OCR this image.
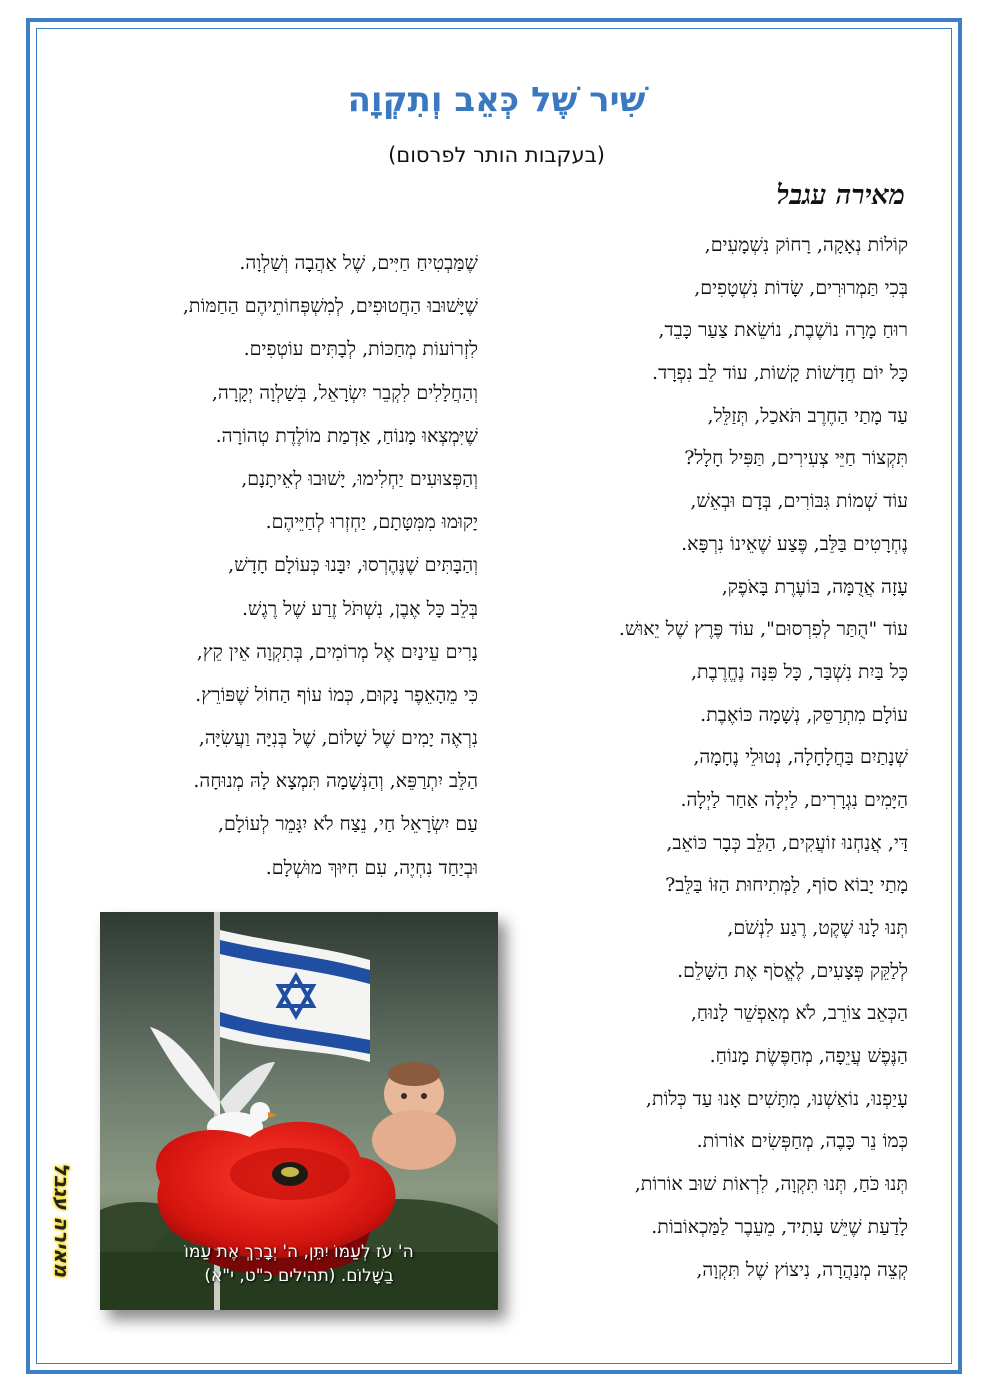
שִׁיר שֶׁל כְּאֵב וְתִקְוָה
(בעקבות הותר לפרסום)
מאירה עגבל
קוֹלוֹת נְאָקָה, רָחוֹק נִשְׁמָעִים,
בְּכִי תַּמְרוּרִים, שָׂדוֹת נִשְׁטָפִים,
רוּחַ מָרָה נוֹשֶׁבֶת, נוֹשֵׂאת צַעַר כָּבֵד,
כָּל יוֹם חֲדָשׁוֹת קָשׁוֹת, עוֹד לֵב נִפְרָד.
עַד מָתַי הַחֶרֶב תֹּאכַל, תְּזַלֵּל,
תִּקְצוֹר חַיֵּי צְעִירִים, תַּפִּיל חָלָל?
עוֹד שְׁמוֹת גִּבּוֹרִים, בְּדָם וּבְאֵשׁ,
נֶחְרָטִים בַּלֵּב, פֶּצַע שֶׁאֵינוֹ נִרְפָּא.
עָזָה אֲדֻמָּה, בּוֹעֶרֶת בָּאֹפֶק,
עוֹד "הֻתַּר לְפִרְסוּם", עוֹד פֶּרֶץ שֶׁל יֵאוּשׁ.
כָּל בַּיִת נִשְׁבַּר, כָּל פִּנָּה נֶחֱרֶבֶת,
עוֹלָם מִתְרַסֵּק, נְשָׁמָה כּוֹאֶבֶת.
שְׁנָתַיִם בַּחֲלָחָלָה, נְטוּלֵי נֶחָמָה,
הַיָּמִים נִגְרָרִים, לַיְלָה אַחַר לַיְלָה.
דַּי, אֲנַחְנוּ זוֹעֲקִים, הַלֵּב כְּבָר כּוֹאֵב,
מָתַי יָבוֹא סוֹף, לַמְּתִיחוּת הַזּוֹ בַּלֵּב?
תְּנוּ לָנוּ שֶׁקֶט, רֶגַע לִנְשֹׁם,
לְלַקֵּק פְּצָעִים, לֶאֱסֹף אֶת הַשָּׁלֵם.
הַכְּאֵב צוֹרֵב, לֹא מְאַפְשֵׁר לָנוּחַ,
הַנֶּפֶשׁ עֲיֵפָה, מְחַפֶּשֶׂת מָנוֹחַ.
עָיַפְנוּ, נוֹאַשְׁנוּ, מִתָּשִׁים אָנוּ עַד כְּלוֹת,
כְּמוֹ נֵר כָּבֶה, מְחַפְּשִׂים אוֹרוֹת.
תְּנוּ כֹּחַ, תְּנוּ תִּקְוָה, לִרְאוֹת שׁוּב אוֹרוֹת,
לָדַעַת שֶׁיֵּשׁ עָתִיד, מֵעֵבֶר לַמַּכְאוֹבוֹת.
קְצֵה מְנַהֲרָה, נִיצוֹץ שֶׁל תִּקְוָה,
שֶׁמַּבְטִיחַ חַיִּים, שֶׁל אַהֲבָה וְשַׁלְוָה.
שֶׁיָּשׁוּבוּ הַחֲטוּפִים, לְמִשְׁפְּחוֹתֵיהֶם הַחַמּוֹת,
לִזְרוֹעוֹת מְחַכּוֹת, לְבָתִּים עוֹטְפִים.
וְהַחֲלָלִים לִקְבֵר יִשְׂרָאֵל, בִּשַׁלְוָה יְקָרָה,
שֶׁיִּמְצְאוּ מָנוֹחַ, אַדְמַת מוֹלֶדֶת טְהוֹרָה.
וְהַפְּצוּעִים יַחְלִימוּ, יָשׁוּבוּ לְאֵיתָנָם,
יָקוּמוּ מִמִּטָּתָם, יַחְזְרוּ לְחַיֵּיהֶם.
וְהַבָּתִּים שֶׁנֶּהֶרְסוּ, יִבָּנוּ כְּעוֹלָם חָדָשׁ,
בְּלֵב כָּל אֶבֶן, נִשְׁתֹּל זֶרַע שֶׁל רֶגֶשׁ.
נָרִים עֵינַיִם אֶל מְרוֹמִים, בְּתִקְוָה אֵין קֵץ,
כִּי מֵהָאֵפֶר נָקוּם, כְּמוֹ עוֹף הַחוֹל שֶׁפּוֹרֵץ.
נִרְאֶה יָמִים שֶׁל שָׁלוֹם, שֶׁל בְּנִיָּה וַעֲשִׂיָּה,
הַלֵּב יִתְרַפֵּא, וְהַנְּשָׁמָה תִּמְצָא לָהּ מְנוּחָה.
עַם יִשְׂרָאֵל חַי, נֵצַח לֹא יִגָּמֵר לְעוֹלָם,
וּבְיַחַד נִחְיֶה, עִם חִיּוּךְ מוּשְׁלָם.
ה' עֹז לְעַמּוֹ יִתֵּן, ה' יְבָרֵךְ אֶת עַמּוֹ
בַשָּׁלוֹם. (תהילים כ"ט, י"א)
מאירה עגבל
